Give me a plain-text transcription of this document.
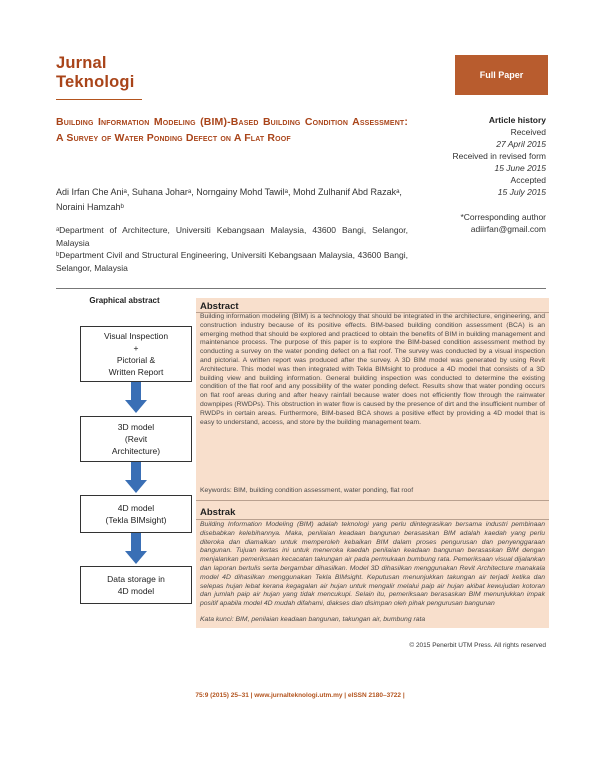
Jurnal
Teknologi	Full Paper
Building Information Modeling (BIM)-Based Building Condition Assessment: A Survey of Water Ponding Defect on A Flat Roof
Adi Irfan Che Aniᵃ, Suhana Joharᵃ, Norngainy Mohd Tawilᵃ, Mohd Zulhanif Abd Razakᵃ, Noraini Hamzahᵇ
ᵃDepartment of Architecture, Universiti Kebangsaan Malaysia, 43600 Bangi, Selangor, Malaysia
ᵇDepartment Civil and Structural Engineering, Universiti Kebangsaan Malaysia, 43600 Bangi, Selangor, Malaysia
Article history
Received
27 April 2015
Received in revised form
15 June 2015
Accepted
15 July 2015
*Corresponding author
adiirfan@gmail.com
Graphical abstract
Visual Inspection
+
Pictorial &
Written Report
3D model
(Revit
Architecture)
4D model
(Tekla BIMsight)
Data storage in
4D model
Abstract

Building information modeling (BIM) is a technology that should be integrated in the architecture, engineering, and construction industry because of its positive effects. BIM-based building condition assessment (BCA) is an emerging method that should be explored and practiced to obtain the benefits of BIM in building management and maintenance process. The purpose of this paper is to explore the BIM-based condition assessment method by conducting a survey on the water ponding defect on a flat roof. The survey was conducted by a visual inspection and pictorial. A written report was produced after the survey. A 3D BIM model was generated by using Revit Architecture. This model was then integrated with Tekla BIMsight to produce a 4D model that consists of a 3D building view and building information. General building inspection was conducted to determine the existing condition of the flat roof and any possibility of the water ponding defect. Results show that water ponding occurs on flat roof areas during and after heavy rainfall because water does not efficiently flow through the rainwater downpipes (RWDPs). This obstruction in water flow is caused by the presence of dirt and the insufficient number of RWDPs in certain areas. Furthermore, BIM-based BCA shows a positive effect by providing a 4D model that is easy to understand, access, and store by the building management team.

Keywords: BIM, building condition assessment, water ponding, flat roof
Abstrak

Building Information Modeling (BIM) adalah teknologi yang perlu diintegrasikan bersama industri pembinaan disebabkan kelebihannya. Maka, penilaian keadaan bangunan berasaskan BIM adalah kaedah yang perlu diteroka dan diamalkan untuk memperoleh kebaikan BIM dalam proses pengurusan dan penyenggaraan bangunan. Tujuan kertas ini untuk meneroka kaedah penilaian keadaan bangunan berasaskan BIM dengan menjalankan pemeriksaan kecacatan takungan air pada permukaan bumbung rata. Pemeriksaan visual dijalankan dan laporan bertulis serta bergambar dihasilkan. Model 3D dihasilkan menggunakan Revit Architecture manakala model 4D dihasilkan menggunakan Tekla BIMsight. Keputusan menunjukkan takungan air terjadi ketika dan selepas hujan lebat kerana kegagalan air hujan untuk mengalir melalui paip air hujan akibat kewujudan kotoran dan jumlah paip air hujan yang tidak mencukupi. Selain itu, pemeriksaan berasaskan BIM menunjukkan impak positif apabila model 4D mudah difahami, diakses dan disimpan oleh pihak pengurusan bangunan

Kata kunci: BIM, penilaian keadaan bangunan, takungan air, bumbung rata
© 2015 Penerbit UTM Press. All rights reserved
75:9 (2015) 25–31 | www.jurnalteknologi.utm.my | eISSN 2180–3722 |
